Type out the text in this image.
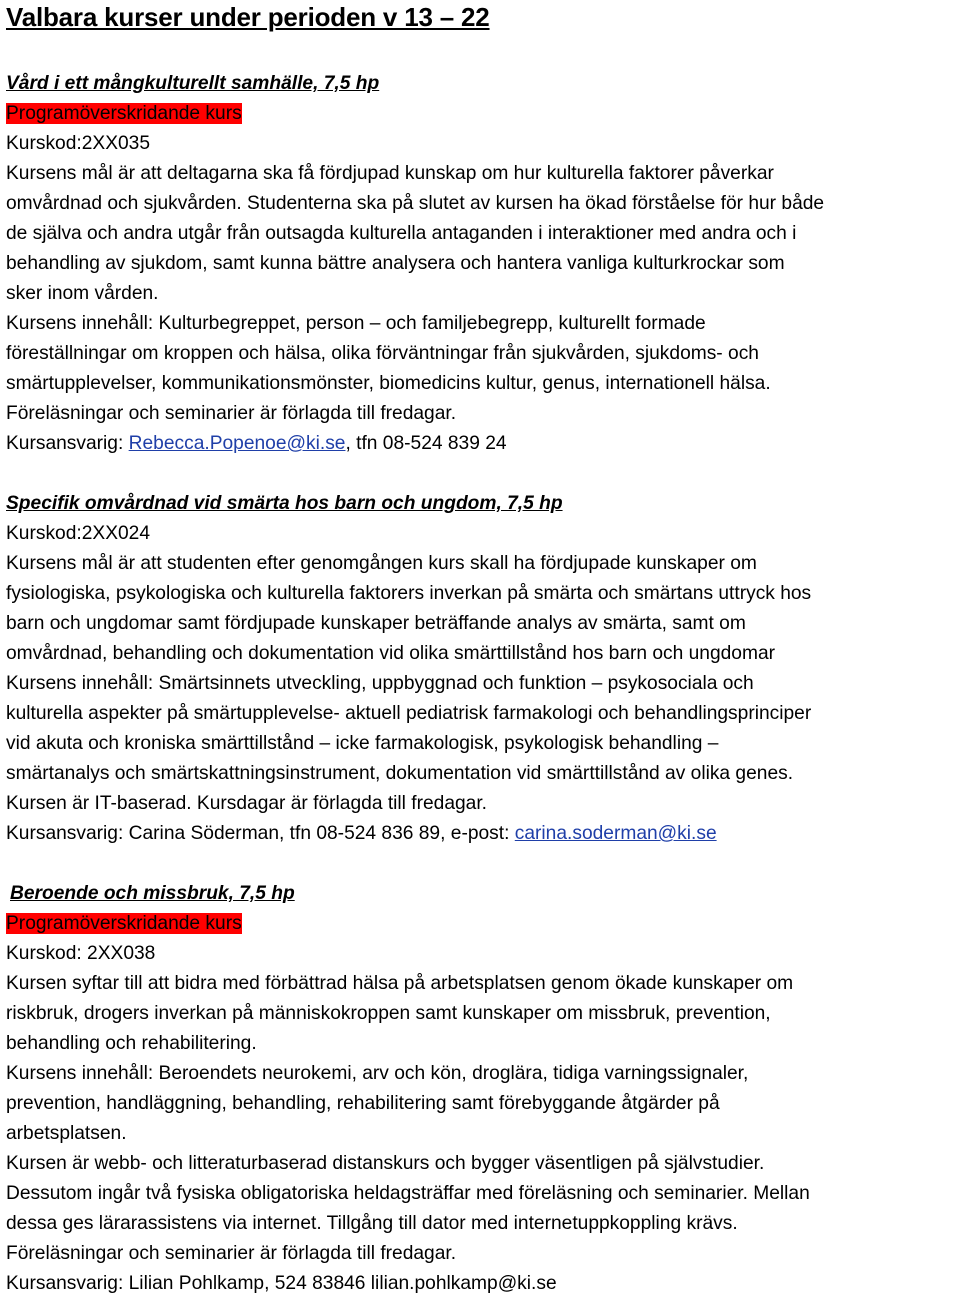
Valbara kurser under perioden v 13 – 22
Vård i ett mångkulturellt samhälle, 7,5 hp
Programöverskridande kurs
Kurskod:2XX035
Kursens mål är att deltagarna ska få fördjupad kunskap om hur kulturella faktorer påverkar
omvårdnad och sjukvården. Studenterna ska på slutet av kursen ha ökad förståelse för hur både
de själva och andra utgår från outsagda kulturella antaganden i interaktioner med andra och i
behandling av sjukdom, samt kunna bättre analysera och hantera vanliga kulturkrockar som
sker inom vården.
Kursens innehåll: Kulturbegreppet, person – och familjebegrepp, kulturellt formade
föreställningar om kroppen och hälsa, olika förväntningar från sjukvården, sjukdoms- och
smärtupplevelser, kommunikationsmönster, biomedicins kultur, genus, internationell hälsa.
Föreläsningar och seminarier är förlagda till fredagar.
Kursansvarig: Rebecca.Popenoe@ki.se, tfn 08-524 839 24
Specifik omvårdnad vid smärta hos barn och ungdom, 7,5 hp
Kurskod:2XX024
Kursens mål är att studenten efter genomgången kurs skall ha fördjupade kunskaper om
fysiologiska, psykologiska och kulturella faktorers inverkan på smärta och smärtans uttryck hos
barn och ungdomar samt fördjupade kunskaper beträffande analys av smärta, samt om
omvårdnad, behandling och dokumentation vid olika smärttillstånd hos barn och ungdomar
Kursens innehåll: Smärtsinnets utveckling, uppbyggnad och funktion – psykosociala och
kulturella aspekter på smärtupplevelse- aktuell pediatrisk farmakologi och behandlingsprinciper
vid akuta och kroniska smärttillstånd – icke farmakologisk, psykologisk behandling –
smärtanalys och smärtskattningsinstrument, dokumentation vid smärttillstånd av olika genes.
Kursen är IT-baserad. Kursdagar är förlagda till fredagar.
Kursansvarig: Carina Söderman, tfn 08-524 836 89, e-post: carina.soderman@ki.se
Beroende och missbruk, 7,5 hp
Programöverskridande kurs
Kurskod: 2XX038
Kursen syftar till att bidra med förbättrad hälsa på arbetsplatsen genom ökade kunskaper om
riskbruk, drogers inverkan på människokroppen samt kunskaper om missbruk, prevention,
behandling och rehabilitering.
Kursens innehåll: Beroendets neurokemi, arv och kön, droglära, tidiga varningssignaler,
prevention, handläggning, behandling, rehabilitering samt förebyggande åtgärder på
arbetsplatsen.
Kursen är webb- och litteraturbaserad distanskurs och bygger väsentligen på självstudier.
Dessutom ingår två fysiska obligatoriska heldagsträffar med föreläsning och seminarier. Mellan
dessa ges lärarassistens via internet. Tillgång till dator med internetuppkoppling krävs.
Föreläsningar och seminarier är förlagda till fredagar.
Kursansvarig: Lilian Pohlkamp, 524 83846 lilian.pohlkamp@ki.se
